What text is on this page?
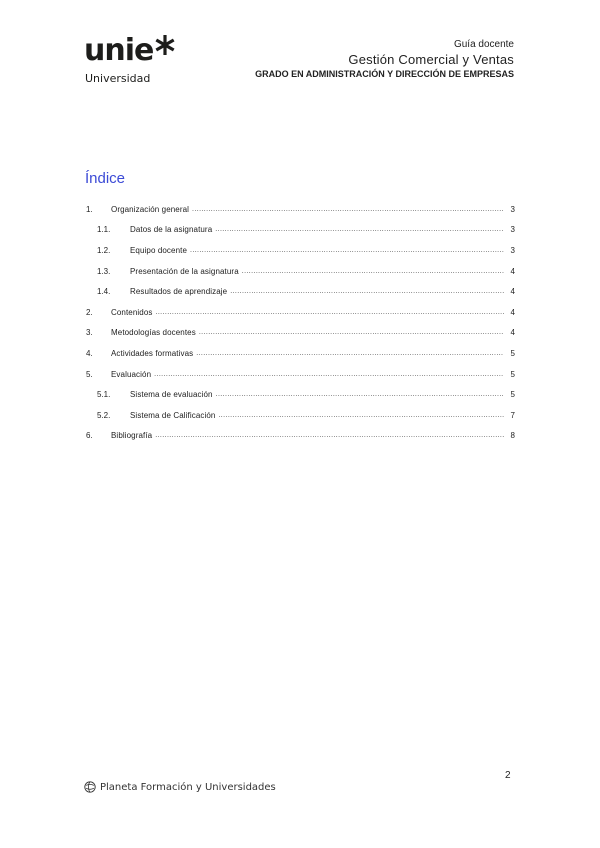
unie
Universidad
Guía docente
Gestión Comercial y Ventas
GRADO EN ADMINISTRACIÓN Y DIRECCIÓN DE EMPRESAS
Índice
1.	Organización general .....	3
1.1.	Datos de la asignatura .....	3
1.2.	Equipo docente .....	3
1.3.	Presentación de la asignatura .....	4
1.4.	Resultados de aprendizaje .....	4
2.	Contenidos .....	4
3.	Metodologías docentes .....	4
4.	Actividades formativas .....	5
5.	Evaluación .....	5
5.1.	Sistema de evaluación .....	5
5.2.	Sistema de Calificación .....	7
6.	Bibliografía .....	8
2
Planeta Formación y Universidades
